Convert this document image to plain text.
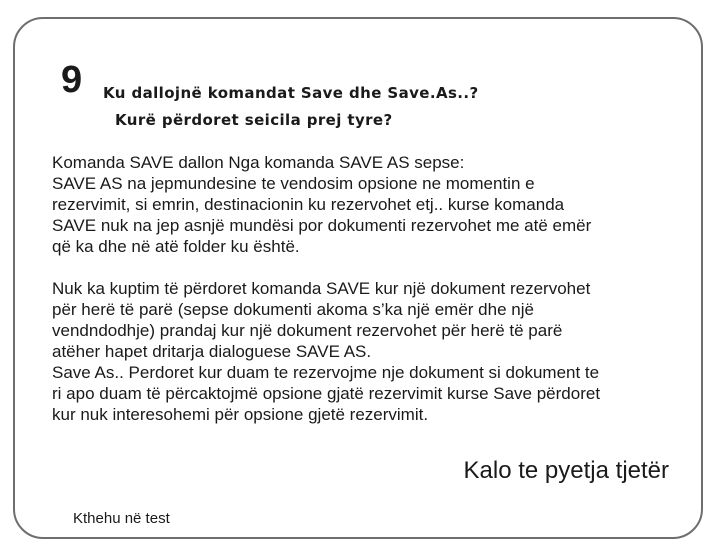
9 Ku dallojnë komandat Save dhe Save.As..?
Kurë përdoret seicila prej tyre?

Komanda SAVE dallon Nga komanda SAVE AS sepse:
SAVE AS na jepmundesine te vendosim opsione ne momentin e
rezervimit, si emrin, destinacionin ku rezervohet etj.. kurse komanda
SAVE nuk na jep asnjë mundësi por dokumenti rezervohet me atë emër
që ka dhe në atë folder ku është.

Nuk ka kuptim të përdoret komanda SAVE kur një dokument rezervohet
për herë të parë (sepse dokumenti akoma s’ka një emër dhe një
vendndodhje) prandaj kur një dokument rezervohet për herë të parë
atëher hapet dritarja dialoguese SAVE AS.
Save As.. Perdoret kur duam te rezervojme nje dokument si dokument te
ri apo duam të përcaktojmë opsione gjatë rezervimit kurse Save përdoret
kur nuk interesohemi për opsione gjetë rezervimit.

Kalo te pyetja tjetër
Kthehu në test
